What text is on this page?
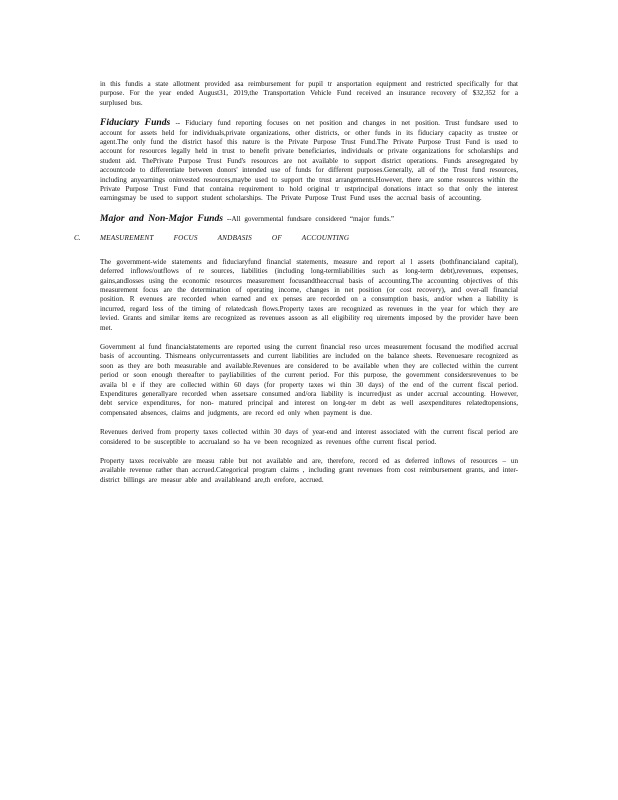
in this fundis a state allotment provided asa reimbursement for pupil tr ansportation equipment and restricted specifically for that purpose. For the year ended August31, 2019,the Transportation Vehicle Fund received an insurance recovery of $32,352 for a surplused bus.

Fiduciary Funds -- Fiduciary fund reporting focuses on net position and changes in net position. Trust fundsare used to account for assets held for individuals,private organizations, other districts, or other funds in its fiduciary capacity as trustee or agent.The only fund the district hasof this nature is the Private Purpose Trust Fund.The Private Purpose Trust Fund is used to account for resources legally held in trust to benefit private beneficiaries, individuals or private organizations for scholarships and student aid. ThePrivate Purpose Trust Fund's resources are not available to support district operations. Funds aresegregated by accountcode to differentiate between donors' intended use of funds for different purposes.Generally, all of the Trust fund resources, including anyearnings oninvested resources,maybe used to support the trust arrangements.However, there are some resources within the Private Purpose Trust Fund that containa requirement to hold original tr ustprincipal donations intact so that only the interest earningsmay be used to support student scholarships. The Private Purpose Trust Fund uses the accrual basis of accounting.

Major and Non-Major Funds --All governmental fundsare considered “major funds.”

C.	MEASUREMENT FOCUS ANDBASIS OF ACCOUNTING

The government-wide statements and fiduciaryfund financial statements, measure and report al l assets (bothfinancialand capital), deferred inflows/outflows of re sources, liabilities (including long-termliabilities such as long-term debt),revenues, expenses, gains,andlosses using the economic resources measurement focusandtheaccrual basis of accounting.The accounting objectives of this measurement focus are the determination of operating income, changes in net position (or cost recovery), and over-all financial position. R evenues are recorded when earned and ex penses are recorded on a consumption basis, and/or when a liability is incurred, regard less of the timing of relatedcash flows.Property taxes are recognized as revenues in the year for which they are levied. Grants and similar items are recognized as revenues assoon as all eligibility req uirements imposed by the provider have been met.

Government al fund financialstatements are reported using the current financial reso urces measurement focusand the modified accrual basis of accounting. Thismeans onlycurrentassets and current liabilities are included on the balance sheets. Revenuesare recognized as soon as they are both measurable and available.Revenues are considered to be available when they are collected within the current period or soon enough thereafter to payliabilities of the current period. For this purpose, the government considersrevenues to be availa bl e if they are collected within 60 days (for property taxes wi thin 30 days) of the end of the current fiscal period. Expenditures generallyare recorded when assetsare consumed and/ora liability is incurredjust as under accrual accounting. However, debt service expenditures, for non- matured principal and interest on long-ter m debt as well asexpenditures relatedtopensions, compensated absences, claims and judgments, are record ed only when payment is due.

Revenues derived from property taxes collected within 30 days of year-end and interest associated with the current fiscal period are considered to be susceptible to accrualand so ha ve been recognized as revenues ofthe current fiscal period.

Property taxes receivable are measu rable but not available and are, therefore, record ed as deferred inflows of resources – un available revenue rather than accrued.Categorical program claims , including grant revenues from cost reimbursement grants, and inter-district billings are measur able and availableand are,th erefore, accrued.
